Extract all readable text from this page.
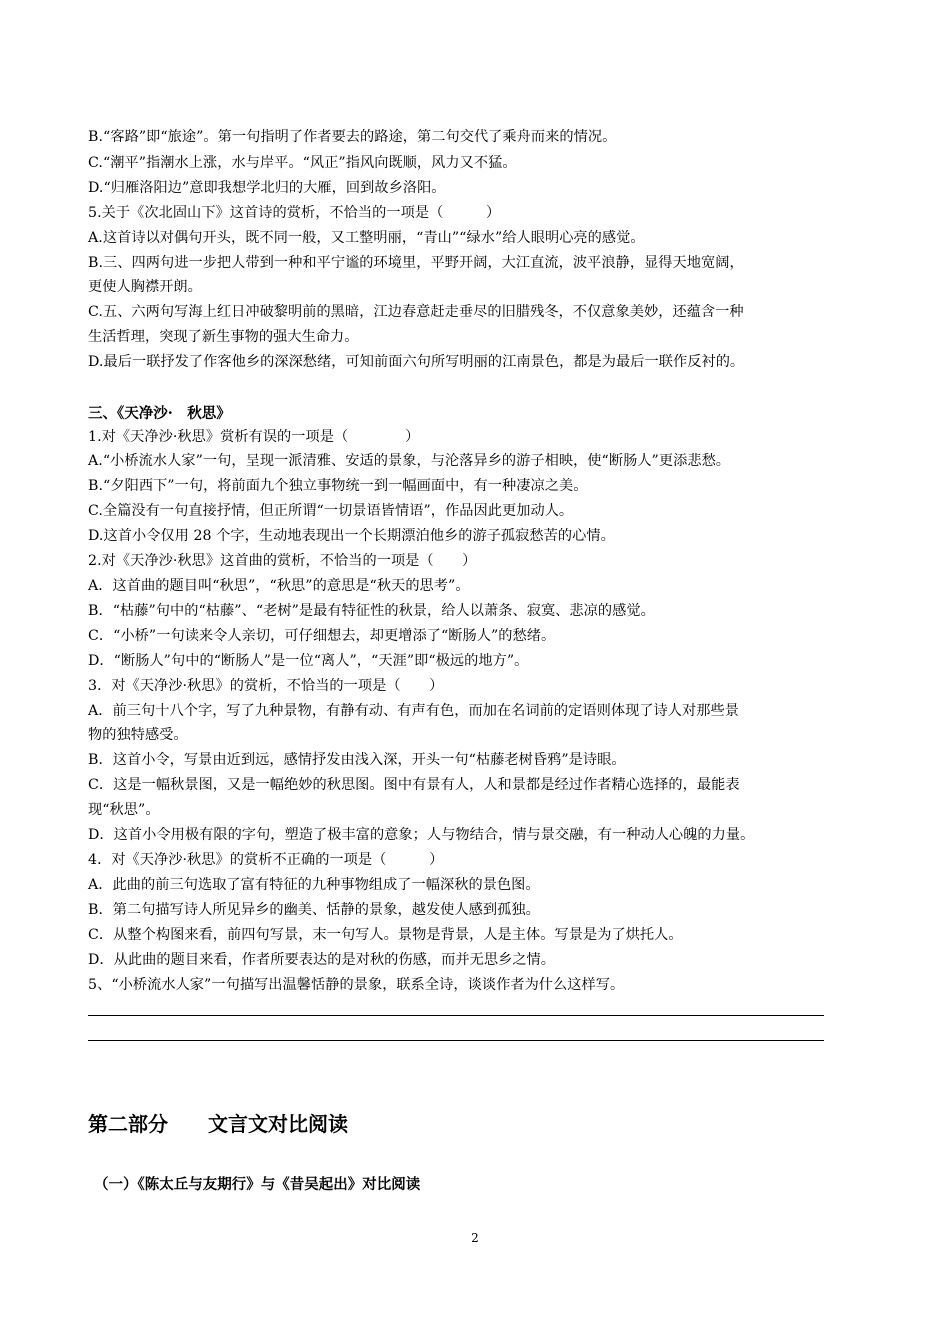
B.“客路”即“旅途”。第一句指明了作者要去的路途，第二句交代了乘舟而来的情况。
C.“潮平”指潮水上涨，水与岸平。“风正”指风向既顺，风力又不猛。
D.“归雁洛阳边”意即我想学北归的大雁，回到故乡洛阳。
5.关于《次北固山下》这首诗的赏析，不恰当的一项是（　　　）
A.这首诗以对偶句开头，既不同一般，又工整明丽，“青山”“绿水”给人眼明心亮的感觉。
B.三、四两句进一步把人带到一种和平宁谧的环境里，平野开阔，大江直流，波平浪静，显得天地宽阔，
更使人胸襟开朗。
C.五、六两句写海上红日冲破黎明前的黑暗，江边春意赶走垂尽的旧腊残冬，不仅意象美妙，还蕴含一种
生活哲理，突现了新生事物的强大生命力。
D.最后一联抒发了作客他乡的深深愁绪，可知前面六句所写明丽的江南景色，都是为最后一联作反衬的。
三、《天净沙·　秋思》
1.对《天净沙·秋思》赏析有误的一项是（　　　　）
A.“小桥流水人家”一句，呈现一派清雅、安适的景象，与沦落异乡的游子相映，使“断肠人”更添悲愁。
B.“夕阳西下”一句，将前面九个独立事物统一到一幅画面中，有一种凄凉之美。
C.全篇没有一句直接抒情，但正所谓“一切景语皆情语”，作品因此更加动人。
D.这首小令仅用 28 个字，生动地表现出一个长期漂泊他乡的游子孤寂愁苦的心情。
2.对《天净沙·秋思》这首曲的赏析，不恰当的一项是（　　）
A．这首曲的题目叫“秋思”，“秋思”的意思是“秋天的思考”。
B．“枯藤”句中的“枯藤”、“老树”是最有特征性的秋景，给人以萧条、寂寞、悲凉的感觉。
C．“小桥”一句读来令人亲切，可仔细想去，却更增添了“断肠人”的愁绪。
D．“断肠人”句中的“断肠人”是一位“离人”，“天涯”即“极远的地方”。
3．对《天净沙·秋思》的赏析，不恰当的一项是（　　）
A．前三句十八个字，写了九种景物，有静有动、有声有色，而加在名词前的定语则体现了诗人对那些景
物的独特感受。
B．这首小令，写景由近到远，感情抒发由浅入深，开头一句“枯藤老树昏鸦”是诗眼。
C．这是一幅秋景图，又是一幅绝妙的秋思图。图中有景有人，人和景都是经过作者精心选择的，最能表
现“秋思”。
D．这首小令用极有限的字句，塑造了极丰富的意象；人与物结合，情与景交融，有一种动人心魄的力量。
4．对《天净沙·秋思》的赏析不正确的一项是（　　　）
A．此曲的前三句选取了富有特征的九种事物组成了一幅深秋的景色图。
B．第二句描写诗人所见异乡的幽美、恬静的景象，越发使人感到孤独。
C．从整个构图来看，前四句写景，末一句写人。景物是背景，人是主体。写景是为了烘托人。
D．从此曲的题目来看，作者所要表达的是对秋的伤感，而并无思乡之情。
5、“小桥流水人家”一句描写出温馨恬静的景象，联系全诗，谈谈作者为什么这样写。
第二部分　　文言文对比阅读
（一）《陈太丘与友期行》与《昔吴起出》对比阅读
2
